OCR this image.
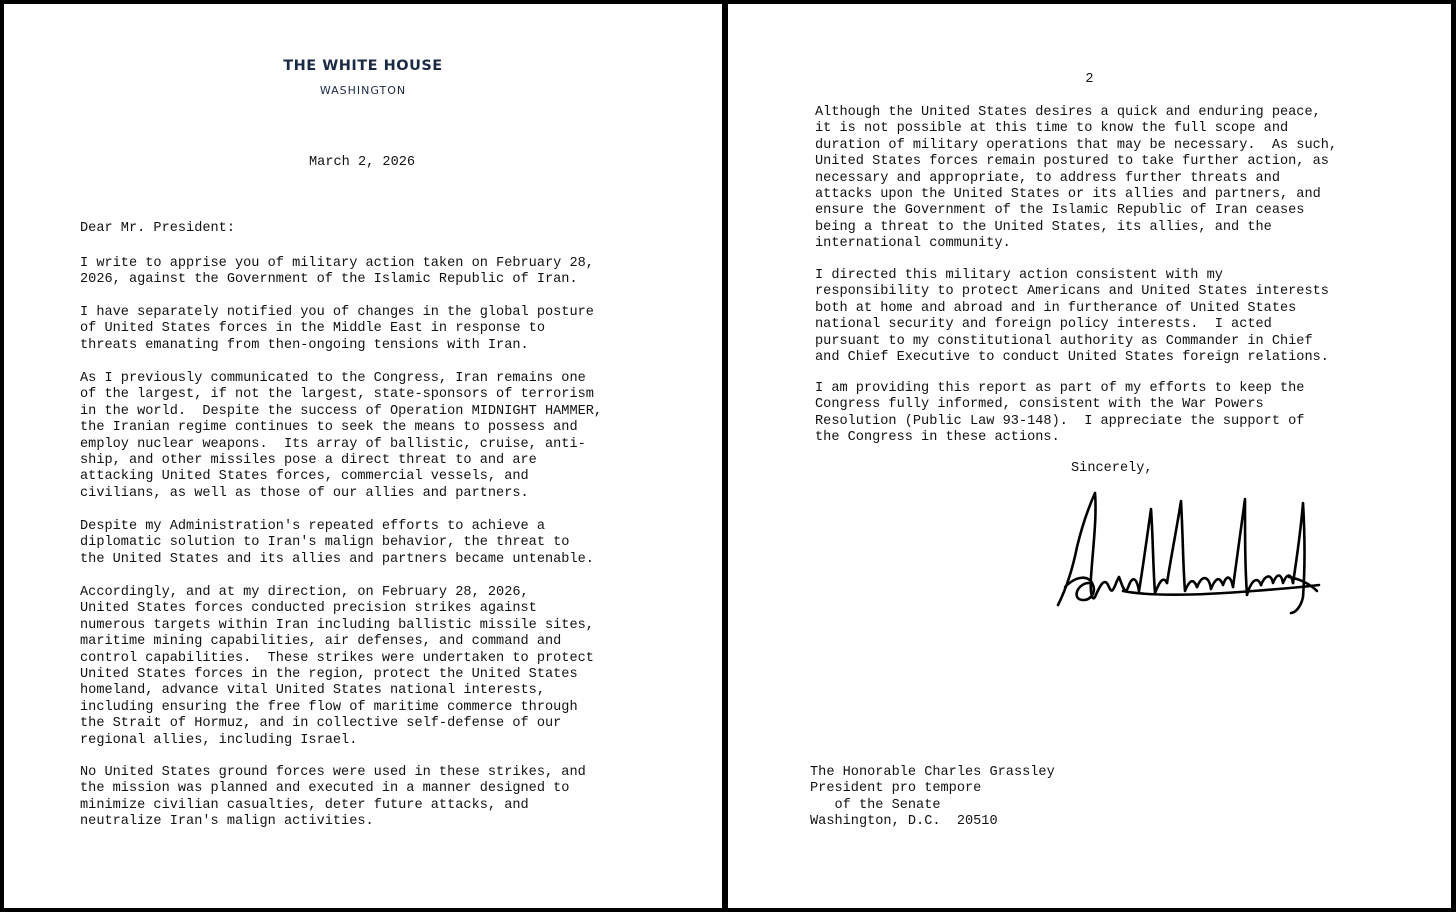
THE WHITE HOUSE
WASHINGTON

March 2, 2026

Dear Mr. President:

I write to apprise you of military action taken on February 28,
2026, against the Government of the Islamic Republic of Iran.

I have separately notified you of changes in the global posture
of United States forces in the Middle East in response to
threats emanating from then-ongoing tensions with Iran.

As I previously communicated to the Congress, Iran remains one
of the largest, if not the largest, state-sponsors of terrorism
in the world.  Despite the success of Operation MIDNIGHT HAMMER,
the Iranian regime continues to seek the means to possess and
employ nuclear weapons.  Its array of ballistic, cruise, anti-
ship, and other missiles pose a direct threat to and are
attacking United States forces, commercial vessels, and
civilians, as well as those of our allies and partners.

Despite my Administration's repeated efforts to achieve a
diplomatic solution to Iran's malign behavior, the threat to
the United States and its allies and partners became untenable.

Accordingly, and at my direction, on February 28, 2026,
United States forces conducted precision strikes against
numerous targets within Iran including ballistic missile sites,
maritime mining capabilities, air defenses, and command and
control capabilities.  These strikes were undertaken to protect
United States forces in the region, protect the United States
homeland, advance vital United States national interests,
including ensuring the free flow of maritime commerce through
the Strait of Hormuz, and in collective self-defense of our
regional allies, including Israel.

No United States ground forces were used in these strikes, and
the mission was planned and executed in a manner designed to
minimize civilian casualties, deter future attacks, and
neutralize Iran's malign activities.

2

Although the United States desires a quick and enduring peace,
it is not possible at this time to know the full scope and
duration of military operations that may be necessary.  As such,
United States forces remain postured to take further action, as
necessary and appropriate, to address further threats and
attacks upon the United States or its allies and partners, and
ensure the Government of the Islamic Republic of Iran ceases
being a threat to the United States, its allies, and the
international community.

I directed this military action consistent with my
responsibility to protect Americans and United States interests
both at home and abroad and in furtherance of United States
national security and foreign policy interests.  I acted
pursuant to my constitutional authority as Commander in Chief
and Chief Executive to conduct United States foreign relations.

I am providing this report as part of my efforts to keep the
Congress fully informed, consistent with the War Powers
Resolution (Public Law 93-148).  I appreciate the support of
the Congress in these actions.

Sincerely,

The Honorable Charles Grassley
President pro tempore
of the Senate
Washington, D.C.  20510
